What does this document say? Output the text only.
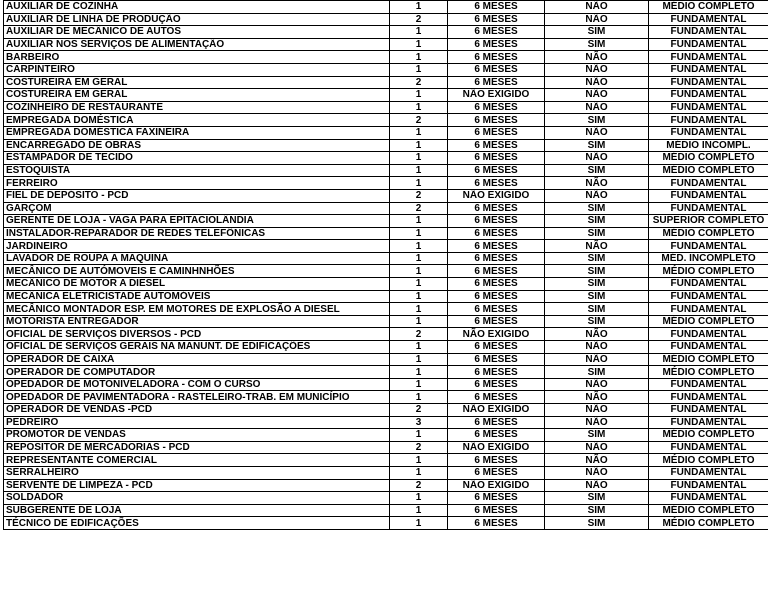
AUXILIAR DE COZINHA	1	6 MESES	NÃO	MÉDIO COMPLETO
AUXILIAR DE LINHA DE PRODUÇÃO	2	6 MESES	NÃO	FUNDAMENTAL
AUXILIAR DE MECÂNICO DE AUTOS	1	6 MESES	SIM	FUNDAMENTAL
AUXILIAR NOS SERVIÇOS DE ALIMENTAÇÃO	1	6 MESES	SIM	FUNDAMENTAL
BARBEIRO	1	6 MESES	NÃO	FUNDAMENTAL
CARPINTEIRO	1	6 MESES	NÃO	FUNDAMENTAL
COSTUREIRA EM GERAL	2	6 MESES	NÃO	FUNDAMENTAL
COSTUREIRA EM GERAL	1	NÃO EXIGIDO	NÃO	FUNDAMENTAL
COZINHEIRO DE RESTAURANTE	1	6 MESES	NÃO	FUNDAMENTAL
EMPREGADA DOMÉSTICA	2	6 MESES	SIM	FUNDAMENTAL
EMPREGADA DOMÉSTICA FAXINEIRA	1	6 MESES	NÃO	FUNDAMENTAL
ENCARREGADO DE OBRAS	1	6 MESES	SIM	MÉDIO INCOMPL.
ESTAMPADOR DE TECIDO	1	6 MESES	NÃO	MÉDIO COMPLETO
ESTOQUISTA	1	6 MESES	SIM	MÉDIO COMPLETO
FERREIRO	1	6 MESES	NÃO	FUNDAMENTAL
FIEL DE DEPÓSITO - PCD	2	NÃO EXIGIDO	NÃO	FUNDAMENTAL
GARÇOM	2	6 MESES	SIM	FUNDAMENTAL
GERENTE DE LOJA - VAGA PARA EPITACIOLÂNDIA	1	6 MESES	SIM	SUPERIOR COMPLETO
INSTALADOR-REPARADOR DE REDES TELEFÔNICAS	1	6 MESES	SIM	MÉDIO COMPLETO
JARDINEIRO	1	6 MESES	NÃO	FUNDAMENTAL
LAVADOR DE ROUPA A MAQUINA	1	6 MESES	SIM	MÉD. INCOMPLETO
MECÂNICO DE AUTÓMOVEIS E CAMINHNHÕES	1	6 MESES	SIM	MÉDIO COMPLETO
MECÂNICO DE MOTOR A DIESEL	1	6 MESES	SIM	FUNDAMENTAL
MECÂNICA ELETRICISTADE AUTOMÓVEIS	1	6 MESES	SIM	FUNDAMENTAL
MECÂNICO MONTADOR ESP. EM MOTORES DE EXPLOSÃO A DIESEL	1	6 MESES	SIM	FUNDAMENTAL
MOTORISTA ENTREGADOR	1	6 MESES	SIM	MÉDIO COMPLETO
OFICIAL DE SERVIÇOS DIVERSOS - PCD	2	NÃO EXIGIDO	NÃO	FUNDAMENTAL
OFICIAL DE SERVIÇOS GERAIS NA MANUNT. DE EDIFICAÇÕES	1	6 MESES	NÃO	FUNDAMENTAL
OPERADOR DE CAIXA	1	6 MESES	NÃO	MÉDIO COMPLETO
OPERADOR DE COMPUTADOR	1	6 MESES	SIM	MÉDIO COMPLETO
OPEDADOR DE MOTONIVELADORA - COM O CURSO	1	6 MESES	NÃO	FUNDAMENTAL
OPEDADOR DE PAVIMENTADORA - RASTELEIRO-TRAB. EM MUNICÍPIO	1	6 MESES	NÃO	FUNDAMENTAL
OPERADOR DE VENDAS -PCD	2	NÃO EXIGIDO	NÃO	FUNDAMENTAL
PEDREIRO	3	6 MESES	NÃO	FUNDAMENTAL
PROMOTOR DE VENDAS	1	6 MESES	SIM	MÉDIO COMPLETO
REPOSITOR DE MERCADORIAS - PCD	2	NÃO EXIGIDO	NÃO	FUNDAMENTAL
REPRESENTANTE COMERCIAL	1	6 MESES	NÃO	MÉDIO COMPLETO
SERRALHEIRO	1	6 MESES	NÃO	FUNDAMENTAL
SERVENTE DE LIMPEZA - PCD	2	NÃO EXIGIDO	NÃO	FUNDAMENTAL
SOLDADOR	1	6 MESES	SIM	FUNDAMENTAL
SUBGERENTE DE LOJA	1	6 MESES	SIM	MÉDIO COMPLETO
TÉCNICO DE EDIFICAÇÕES	1	6 MESES	SIM	MÉDIO COMPLETO
